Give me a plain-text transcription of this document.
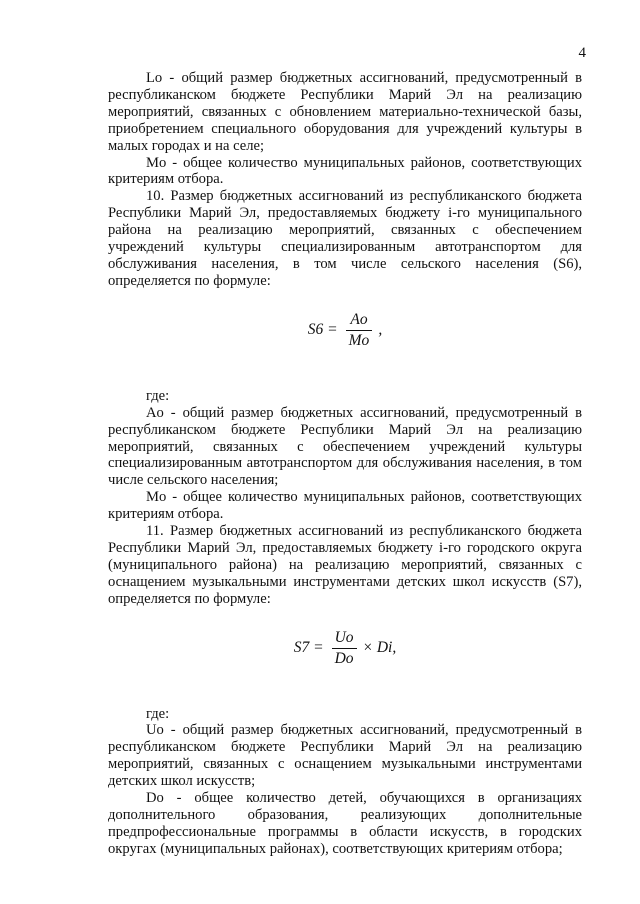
4

Lo - общий размер бюджетных ассигнований, предусмотренный в республиканском бюджете Республики Марий Эл на реализацию мероприятий, связанных с обновлением материально-технической базы, приобретением специального оборудования для учреждений культуры в малых городах и на селе;

Mo - общее количество муниципальных районов, соответствующих критериям отбора.

10. Размер бюджетных ассигнований из республиканского бюджета Республики Марий Эл, предоставляемых бюджету i-го муниципального района на реализацию мероприятий, связанных с обеспечением учреждений культуры специализированным автотранспортом для обслуживания населения, в том числе сельского населения (S6), определяется по формуле:

$S6 = \frac{Ao}{Mo}$ ,

где:

Ao - общий размер бюджетных ассигнований, предусмотренный в республиканском бюджете Республики Марий Эл на реализацию мероприятий, связанных с обеспечением учреждений культуры специализированным автотранспортом для обслуживания населения, в том числе сельского населения;

Mo - общее количество муниципальных районов, соответствующих критериям отбора.

11. Размер бюджетных ассигнований из республиканского бюджета Республики Марий Эл, предоставляемых бюджету i-го городского округа (муниципального района) на реализацию мероприятий, связанных с оснащением музыкальными инструментами детских школ искусств (S7), определяется по формуле:

$S7 = \frac{Uo}{Do} \times Di$,

где:

Uo - общий размер бюджетных ассигнований, предусмотренный в республиканском бюджете Республики Марий Эл на реализацию мероприятий, связанных с оснащением музыкальными инструментами детских школ искусств;

Do - общее количество детей, обучающихся в организациях дополнительного образования, реализующих дополнительные предпрофессиональные программы в области искусств, в городских округах (муниципальных районах), соответствующих критериям отбора;
